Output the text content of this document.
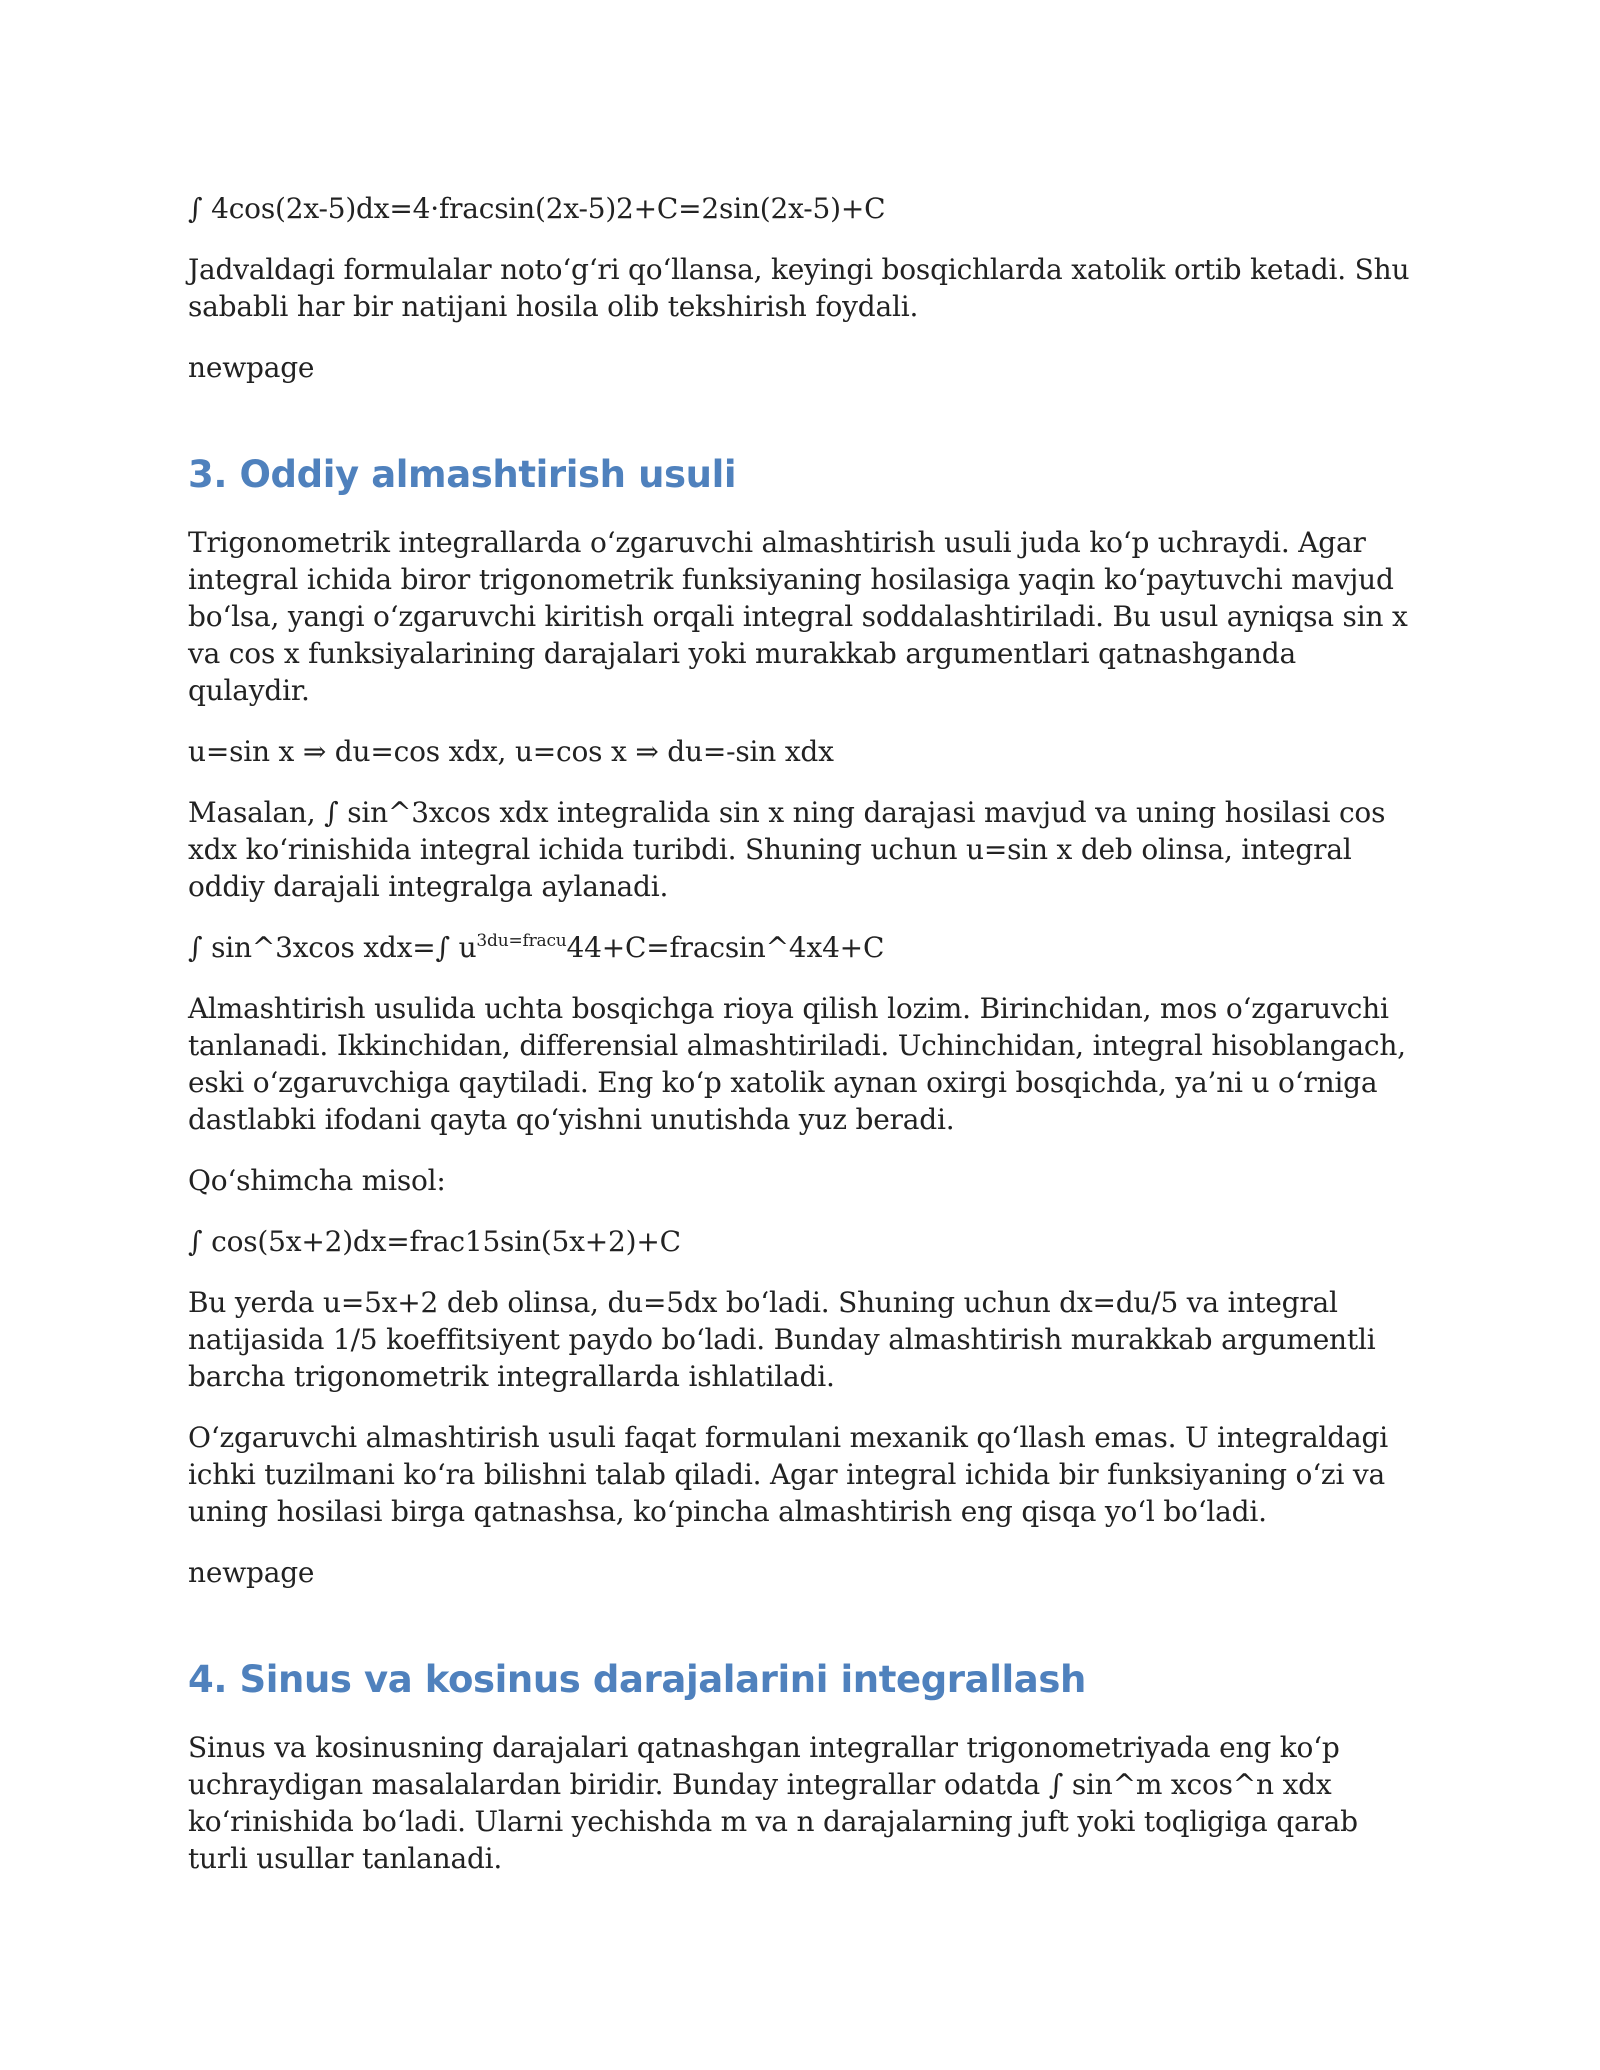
∫ 4cos(2x-5)dx=4·fracsin(2x-5)2+C=2sin(2x-5)+C

Jadvaldagi formulalar noto‘g‘ri qo‘llansa, keyingi bosqichlarda xatolik ortib ketadi. Shu sababli har bir natijani hosila olib tekshirish foydali.

newpage

3. Oddiy almashtirish usuli

Trigonometrik integrallarda o‘zgaruvchi almashtirish usuli juda ko‘p uchraydi. Agar integral ichida biror trigonometrik funksiyaning hosilasiga yaqin ko‘paytuvchi mavjud bo‘lsa, yangi o‘zgaruvchi kiritish orqali integral soddalashtiriladi. Bu usul ayniqsa sin x va cos x funksiyalarining darajalari yoki murakkab argumentlari qatnashganda qulaydir.

u=sin x ⇒ du=cos xdx, u=cos x ⇒ du=-sin xdx

Masalan, ∫ sin^3xcos xdx integralida sin x ning darajasi mavjud va uning hosilasi cos xdx ko‘rinishida integral ichida turibdi. Shuning uchun u=sin x deb olinsa, integral oddiy darajali integralga aylanadi.

∫ sin^3xcos xdx=∫ $u^{3du=fracu}44+C=fracsin\^{}4x4+C$

Almashtirish usulida uchta bosqichga rioya qilish lozim. Birinchidan, mos o‘zgaruvchi tanlanadi. Ikkinchidan, differensial almashtiriladi. Uchinchidan, integral hisoblangach, eski o‘zgaruvchiga qaytiladi. Eng ko‘p xatolik aynan oxirgi bosqichda, ya’ni u o‘rniga dastlabki ifodani qayta qo‘yishni unutishda yuz beradi.

Qo‘shimcha misol:

∫ cos(5x+2)dx=frac15sin(5x+2)+C

Bu yerda u=5x+2 deb olinsa, du=5dx bo‘ladi. Shuning uchun dx=du/5 va integral natijasida 1/5 koeffitsiyent paydo bo‘ladi. Bunday almashtirish murakkab argumentli barcha trigonometrik integrallarda ishlatiladi.

O‘zgaruvchi almashtirish usuli faqat formulani mexanik qo‘llash emas. U integraldagi ichki tuzilmani ko‘ra bilishni talab qiladi. Agar integral ichida bir funksiyaning o‘zi va uning hosilasi birga qatnashsa, ko‘pincha almashtirish eng qisqa yo‘l bo‘ladi.

newpage

4. Sinus va kosinus darajalarini integrallash

Sinus va kosinusning darajalari qatnashgan integrallar trigonometriyada eng ko‘p uchraydigan masalalardan biridir. Bunday integrallar odatda ∫ sin^m xcos^n xdx ko‘rinishida bo‘ladi. Ularni yechishda m va n darajalarning juft yoki toqligiga qarab turli usullar tanlanadi.
